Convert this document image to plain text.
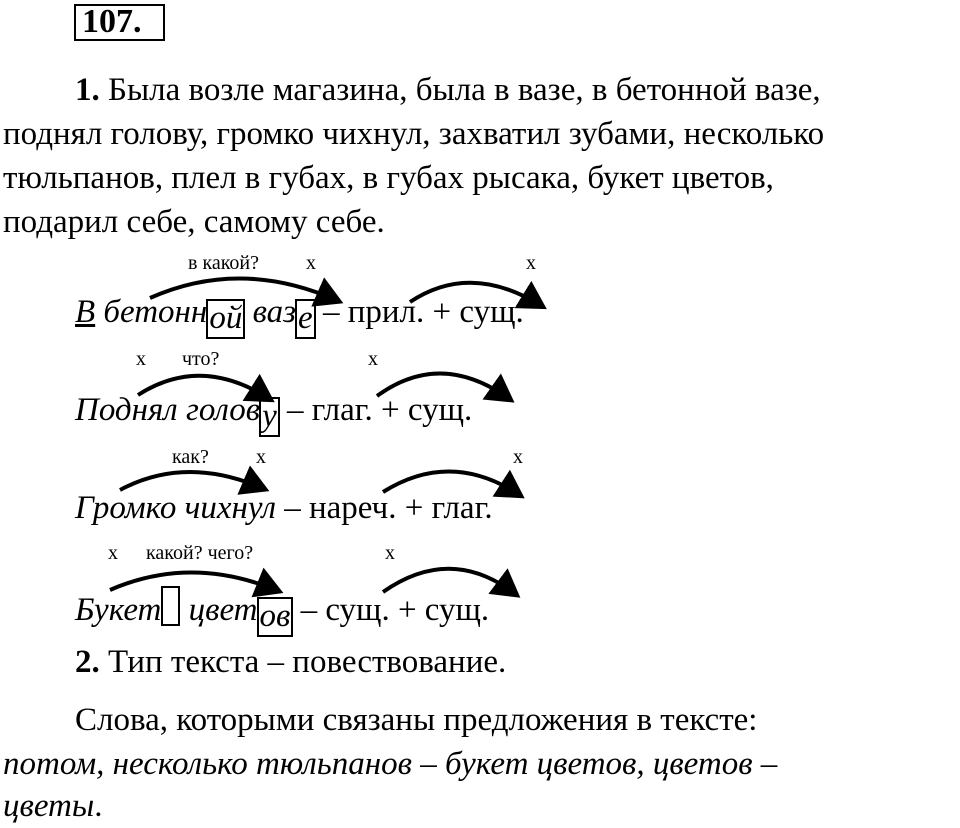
107.
1. Была возле магазина, была в вазе, в бетонной вазе,
поднял голову, громко чихнул, захватил зубами, несколько
тюльпанов, плел в губах, в губах рысака, букет цветов,
подарил себе, самому себе.
в какой? х	х
В бетонной вазе – прил. + сущ.
х что?	х
Поднял голову – глаг. + сущ.
как? х	х
Громко чихнул – нареч. + глаг.
х какой? чего?	х
Букет цветов – сущ. + сущ.
2. Тип текста – повествование.
Слова, которыми связаны предложения в тексте:
потом, несколько тюльпанов – букет цветов, цветов –
цветы.
